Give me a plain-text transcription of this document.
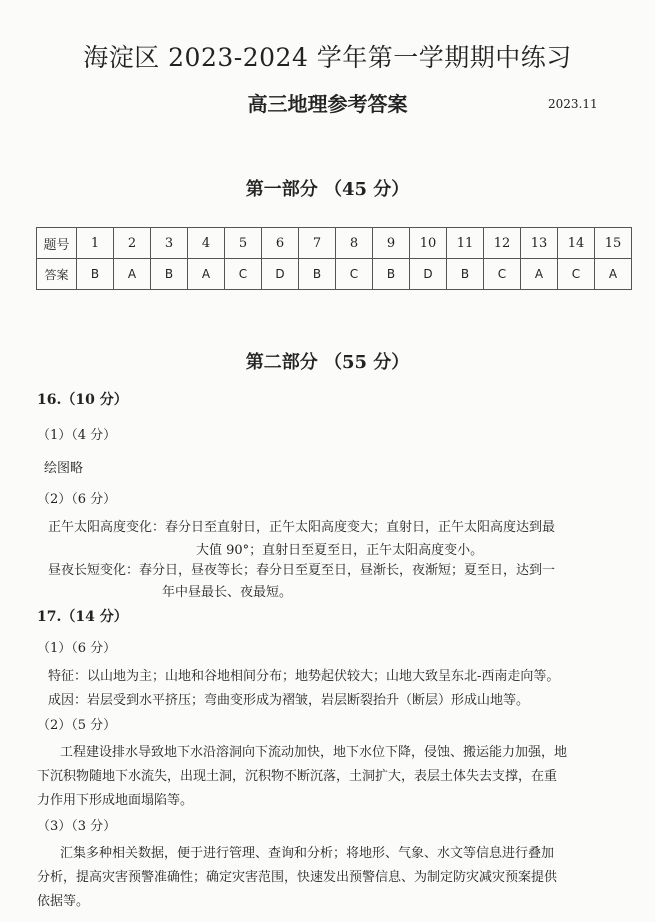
海淀区 2023-2024 学年第一学期期中练习
高三地理参考答案	2023.11
第一部分 （45 分）
题号	1	2	3	4	5	6	7	8	9	10	11	12	13	14	15
答案	B	A	B	A	C	D	B	C	B	D	B	C	A	C	A
第二部分 （55 分）
16.（10 分）
（1）（4 分）
绘图略
（2）（6 分）
正午太阳高度变化：春分日至直射日，正午太阳高度变大；直射日，正午太阳高度达到最
大值 90°；直射日至夏至日，正午太阳高度变小。
昼夜长短变化：春分日，昼夜等长；春分日至夏至日，昼渐长，夜渐短；夏至日，达到一
年中昼最长、夜最短。
17.（14 分）
（1）（6 分）
特征：以山地为主；山地和谷地相间分布；地势起伏较大；山地大致呈东北-西南走向等。
成因：岩层受到水平挤压；弯曲变形成为褶皱，岩层断裂抬升（断层）形成山地等。
（2）（5 分）
工程建设排水导致地下水沿溶洞向下流动加快，地下水位下降，侵蚀、搬运能力加强，地
下沉积物随地下水流失，出现土洞，沉积物不断沉落，土洞扩大，表层土体失去支撑，在重
力作用下形成地面塌陷等。
（3）（3 分）
汇集多种相关数据，便于进行管理、查询和分析；将地形、气象、水文等信息进行叠加
分析，提高灾害预警准确性；确定灾害范围，快速发出预警信息、为制定防灾减灾预案提供
依据等。
